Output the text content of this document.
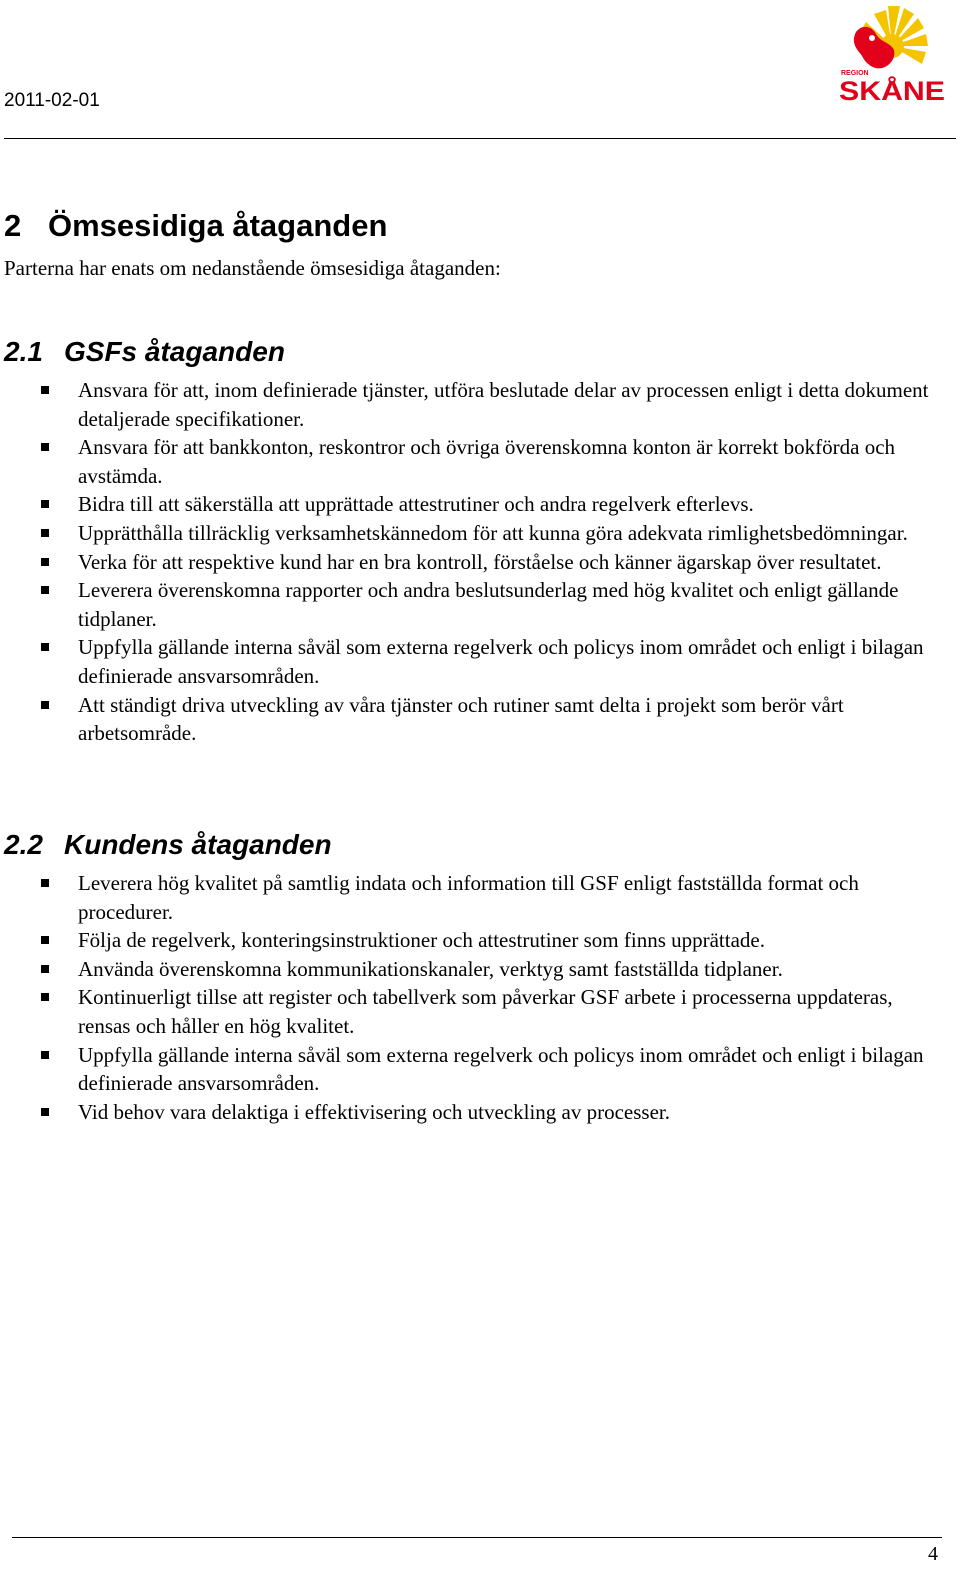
2011-02-01
REGION
SKÅNE
2 Ömsesidiga åtaganden
Parterna har enats om nedanstående ömsesidiga åtaganden:
2.1 GSFs åtaganden
Ansvara för att, inom definierade tjänster, utföra beslutade delar av processen enligt i detta dokument detaljerade specifikationer.
Ansvara för att bankkonton, reskontror och övriga överenskomna konton är korrekt bokförda och avstämda.
Bidra till att säkerställa att upprättade attestrutiner och andra regelverk efterlevs.
Upprätthålla tillräcklig verksamhetskännedom för att kunna göra adekvata rimlighetsbedömningar.
Verka för att respektive kund har en bra kontroll, förståelse och känner ägarskap över resultatet.
Leverera överenskomna rapporter och andra beslutsunderlag med hög kvalitet och enligt gällande tidplaner.
Uppfylla gällande interna såväl som externa regelverk och policys inom området och enligt i bilagan definierade ansvarsområden.
Att ständigt driva utveckling av våra tjänster och rutiner samt delta i projekt som berör vårt arbetsområde.
2.2 Kundens åtaganden
Leverera hög kvalitet på samtlig indata och information till GSF enligt fastställda format och procedurer.
Följa de regelverk, konteringsinstruktioner och attestrutiner som finns upprättade.
Använda överenskomna kommunikationskanaler, verktyg samt fastställda tidplaner.
Kontinuerligt tillse att register och tabellverk som påverkar GSF arbete i processerna uppdateras, rensas och håller en hög kvalitet.
Uppfylla gällande interna såväl som externa regelverk och policys inom området och enligt i bilagan definierade ansvarsområden.
Vid behov vara delaktiga i effektivisering och utveckling av processer.
4
